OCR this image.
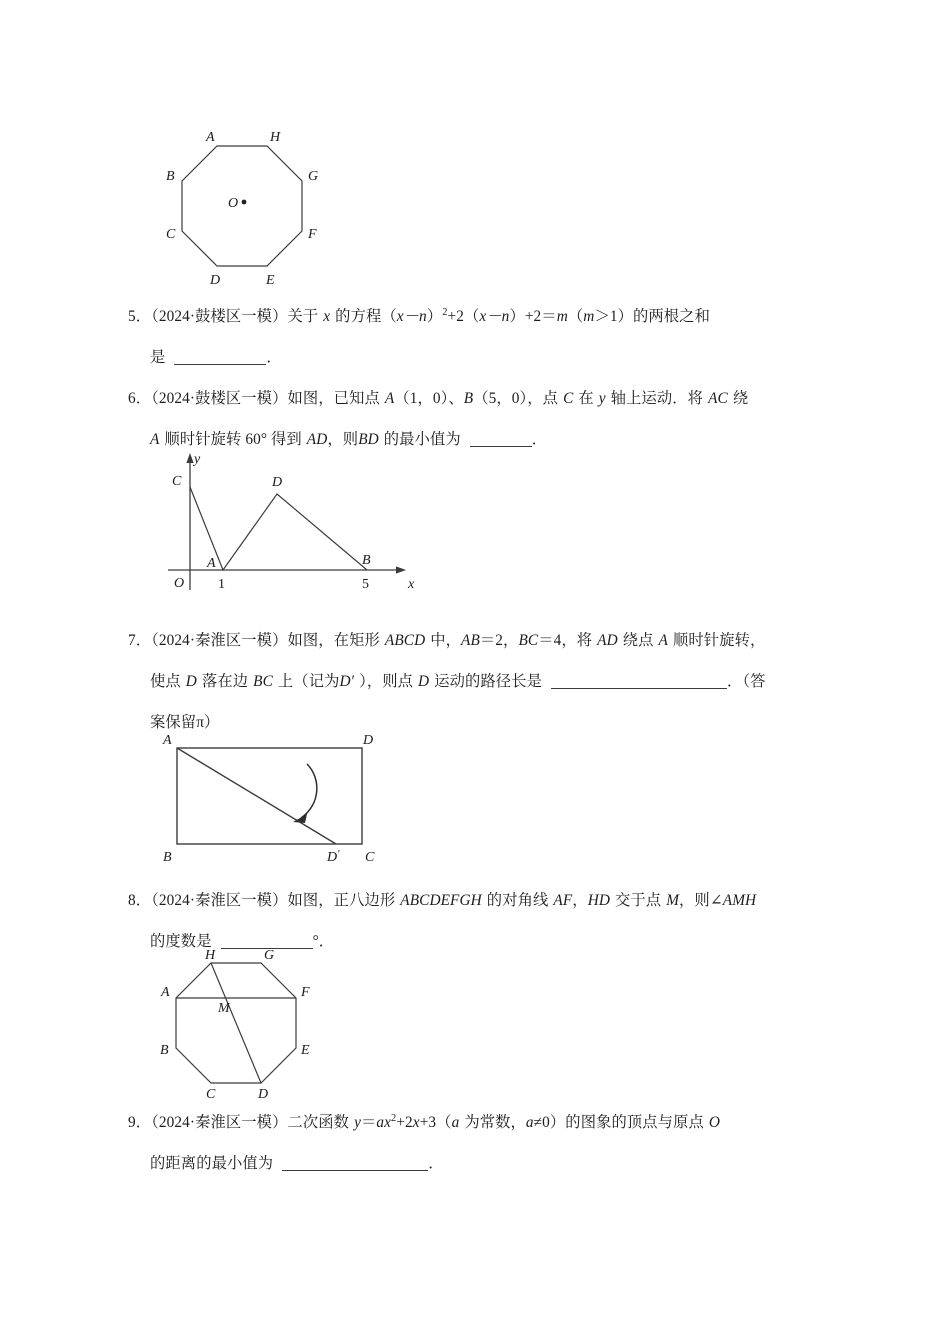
A	H
G
F
E
D
C
B
O
5．（2024·鼓楼区一模）关于 x 的方程$(x-n)^2+2(x-n)+2=m(m>1)$的两根之和
是	．
6．（2024·鼓楼区一模）如图，已知点 A（1，0）、B（5，0），点 C 在 y 轴上运动．将 AC 绕
A 顺时针旋转 60° 得到 AD，则BD 的最小值为	．
C	D
A	B
O 1	5
y
x
7．（2024·秦淮区一模）如图，在矩形 ABCD 中，AB＝2，BC＝4，将 AD 绕点 A 顺时针旋转，
使点 D 落在边 BC 上（记为D′ ），则点 D 运动的路径长是	．（答
案保留π）
A	D
B	C
D′
8．（2024·秦淮区一模）如图，正八边形 ABCDEFGH 的对角线 AF，HD 交于点 M，则∠AMH
的度数是	°．
H	G
A	F
B	E
C	D
M
9．（2024·秦淮区一模）二次函数 $y=ax^2+2x+3(a$ 为常数，a≠0）的图象的顶点与原点 O
的距离的最小值为	．
